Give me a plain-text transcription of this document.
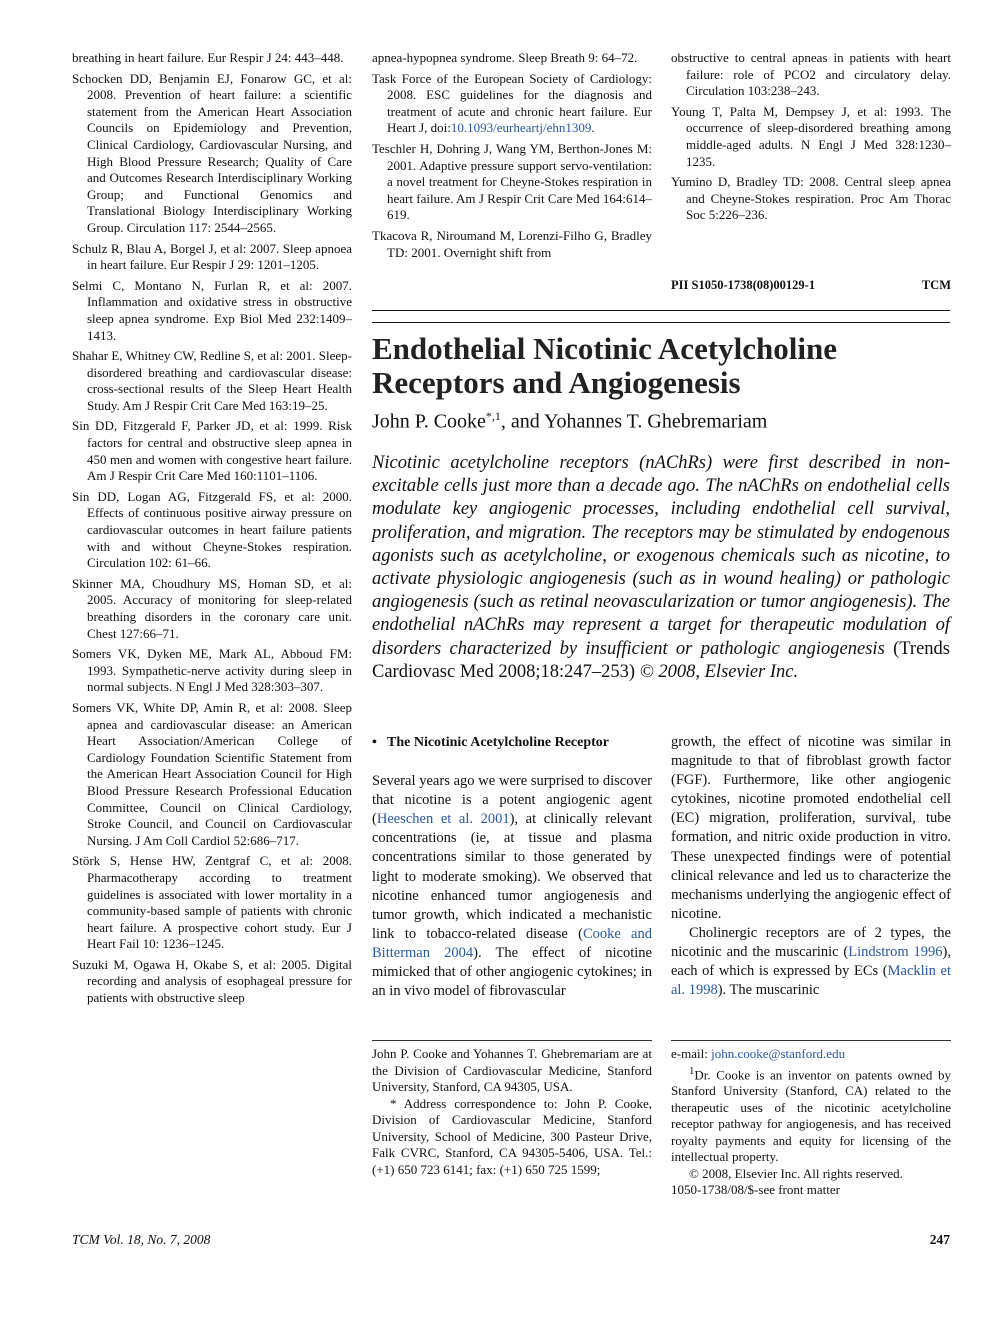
breathing in heart failure. Eur Respir J 24: 443–448.

Schocken DD, Benjamin EJ, Fonarow GC, et al: 2008. Prevention of heart failure: a scientific statement from the American Heart Association Councils on Epidemiology and Prevention, Clinical Cardiology, Cardiovascular Nursing, and High Blood Pressure Research; Quality of Care and Outcomes Research Interdisciplinary Working Group; and Functional Genomics and Translational Biology Interdisciplinary Working Group. Circulation 117: 2544–2565.

Schulz R, Blau A, Borgel J, et al: 2007. Sleep apnoea in heart failure. Eur Respir J 29: 1201–1205.

Selmi C, Montano N, Furlan R, et al: 2007. Inflammation and oxidative stress in obstructive sleep apnea syndrome. Exp Biol Med 232:1409–1413.

Shahar E, Whitney CW, Redline S, et al: 2001. Sleep-disordered breathing and cardiovascular disease: cross-sectional results of the Sleep Heart Health Study. Am J Respir Crit Care Med 163:19–25.

Sin DD, Fitzgerald F, Parker JD, et al: 1999. Risk factors for central and obstructive sleep apnea in 450 men and women with congestive heart failure. Am J Respir Crit Care Med 160:1101–1106.

Sin DD, Logan AG, Fitzgerald FS, et al: 2000. Effects of continuous positive airway pressure on cardiovascular outcomes in heart failure patients with and without Cheyne-Stokes respiration. Circulation 102: 61–66.

Skinner MA, Choudhury MS, Homan SD, et al: 2005. Accuracy of monitoring for sleep-related breathing disorders in the coronary care unit. Chest 127:66–71.

Somers VK, Dyken ME, Mark AL, Abboud FM: 1993. Sympathetic-nerve activity during sleep in normal subjects. N Engl J Med 328:303–307.

Somers VK, White DP, Amin R, et al: 2008. Sleep apnea and cardiovascular disease: an American Heart Association/American College of Cardiology Foundation Scientific Statement from the American Heart Association Council for High Blood Pressure Research Professional Education Committee, Council on Clinical Cardiology, Stroke Council, and Council on Cardiovascular Nursing. J Am Coll Cardiol 52:686–717.

Störk S, Hense HW, Zentgraf C, et al: 2008. Pharmacotherapy according to treatment guidelines is associated with lower mortality in a community-based sample of patients with chronic heart failure. A prospective cohort study. Eur J Heart Fail 10: 1236–1245.

Suzuki M, Ogawa H, Okabe S, et al: 2005. Digital recording and analysis of esophageal pressure for patients with obstructive sleep

apnea-hypopnea syndrome. Sleep Breath 9: 64–72.

Task Force of the European Society of Cardiology: 2008. ESC guidelines for the diagnosis and treatment of acute and chronic heart failure. Eur Heart J, doi:10.1093/eurheartj/ehn1309.

Teschler H, Dohring J, Wang YM, Berthon-Jones M: 2001. Adaptive pressure support servo-ventilation: a novel treatment for Cheyne-Stokes respiration in heart failure. Am J Respir Crit Care Med 164:614–619.

Tkacova R, Niroumand M, Lorenzi-Filho G, Bradley TD: 2001. Overnight shift from

obstructive to central apneas in patients with heart failure: role of PCO2 and circulatory delay. Circulation 103:238–243.

Young T, Palta M, Dempsey J, et al: 1993. The occurrence of sleep-disordered breathing among middle-aged adults. N Engl J Med 328:1230–1235.

Yumino D, Bradley TD: 2008. Central sleep apnea and Cheyne-Stokes respiration. Proc Am Thorac Soc 5:226–236.

PII S1050-1738(08)00129-1	TCM
Endothelial Nicotinic Acetylcholine Receptors and Angiogenesis
John P. Cooke$^{*,1}$, and Yohannes T. Ghebremariam

Nicotinic acetylcholine receptors (nAChRs) were first described in non-excitable cells just more than a decade ago. The nAChRs on endothelial cells modulate key angiogenic processes, including endothelial cell survival, proliferation, and migration. The receptors may be stimulated by endogenous agonists such as acetylcholine, or exogenous chemicals such as nicotine, to activate physiologic angiogenesis (such as in wound healing) or pathologic angiogenesis (such as retinal neovascularization or tumor angiogenesis). The endothelial nAChRs may represent a target for therapeutic modulation of disorders characterized by insufficient or pathologic angiogenesis (Trends Cardiovasc Med 2008;18:247–253) © 2008, Elsevier Inc.

• The Nicotinic Acetylcholine Receptor

Several years ago we were surprised to discover that nicotine is a potent angiogenic agent (Heeschen et al. 2001), at clinically relevant concentrations (ie, at tissue and plasma concentrations similar to those generated by light to moderate smoking). We observed that nicotine enhanced tumor angiogenesis and tumor growth, which indicated a mechanistic link to tobacco-related disease (Cooke and Bitterman 2004). The effect of nicotine mimicked that of other angiogenic cytokines; in an in vivo model of fibrovascular

growth, the effect of nicotine was similar in magnitude to that of fibroblast growth factor (FGF). Furthermore, like other angiogenic cytokines, nicotine promoted endothelial cell (EC) migration, proliferation, survival, tube formation, and nitric oxide production in vitro. These unexpected findings were of potential clinical relevance and led us to characterize the mechanisms underlying the angiogenic effect of nicotine.

Cholinergic receptors are of 2 types, the nicotinic and the muscarinic (Lindstrom 1996), each of which is expressed by ECs (Macklin et al. 1998). The muscarinic

John P. Cooke and Yohannes T. Ghebremariam are at the Division of Cardiovascular Medicine, Stanford University, Stanford, CA 94305, USA.

* Address correspondence to: John P. Cooke, Division of Cardiovascular Medicine, Stanford University, School of Medicine, 300 Pasteur Drive, Falk CVRC, Stanford, CA 94305-5406, USA. Tel.: (+1) 650 723 6141; fax: (+1) 650 725 1599;

e-mail: john.cooke@stanford.edu

$^1$Dr. Cooke is an inventor on patents owned by Stanford University (Stanford, CA) related to the therapeutic uses of the nicotinic acetylcholine receptor pathway for angiogenesis, and has received royalty payments and equity for licensing of the intellectual property.

© 2008, Elsevier Inc. All rights reserved.

1050-1738/08/$-see front matter

TCM Vol. 18, No. 7, 2008	247
